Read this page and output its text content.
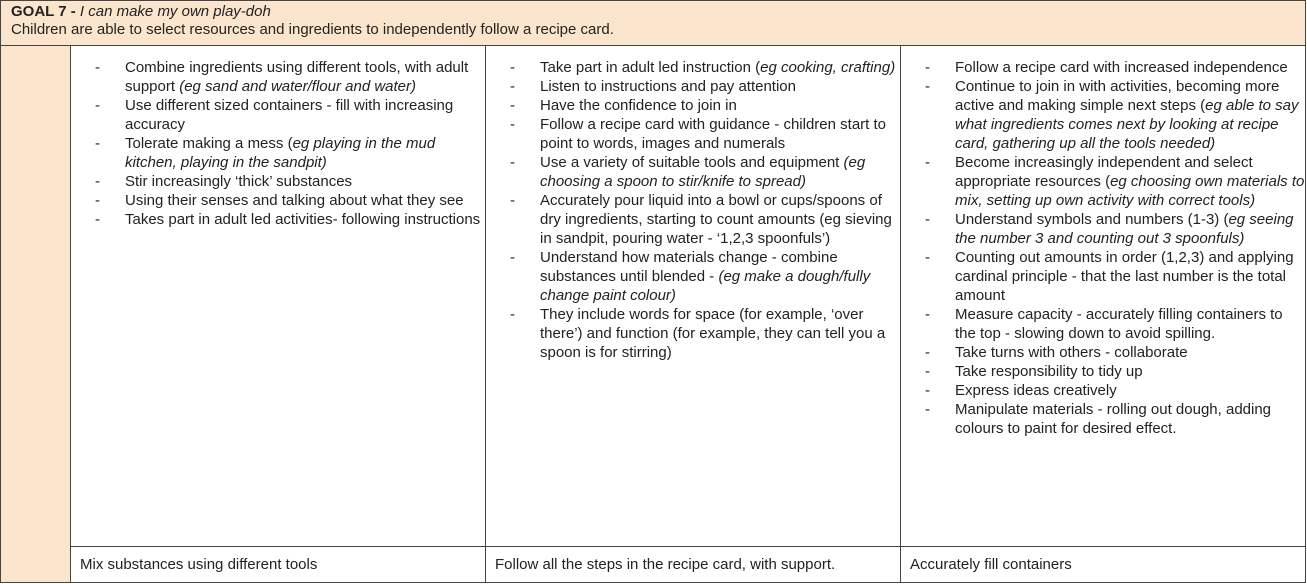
GOAL 7 - I can make my own play-doh
Children are able to select resources and ingredients to independently follow a recipe card.
- Combine ingredients using different tools, with adult support (eg sand and water/flour and water)
- Use different sized containers - fill with increasing accuracy
- Tolerate making a mess (eg playing in the mud kitchen, playing in the sandpit)
- Stir increasingly ‘thick’ substances
- Using their senses and talking about what they see
- Takes part in adult led activities- following instructions
- Take part in adult led instruction (eg cooking, crafting)
- Listen to instructions and pay attention
- Have the confidence to join in
- Follow a recipe card with guidance - children start to point to words, images and numerals
- Use a variety of suitable tools and equipment (eg choosing a spoon to stir/knife to spread)
- Accurately pour liquid into a bowl or cups/spoons of dry ingredients, starting to count amounts (eg sieving in sandpit, pouring water - ‘1,2,3 spoonfuls’)
- Understand how materials change - combine substances until blended - (eg make a dough/fully change paint colour)
- They include words for space (for example, ‘over there’) and function (for example, they can tell you a spoon is for stirring)
- Follow a recipe card with increased independence
- Continue to join in with activities, becoming more active and making simple next steps (eg able to say what ingredients comes next by looking at recipe card, gathering up all the tools needed)
- Become increasingly independent and select appropriate resources (eg choosing own materials to mix, setting up own activity with correct tools)
- Understand symbols and numbers (1-3) (eg seeing the number 3 and counting out 3 spoonfuls)
- Counting out amounts in order (1,2,3) and applying cardinal principle - that the last number is the total amount
- Measure capacity - accurately filling containers to the top - slowing down to avoid spilling.
- Take turns with others - collaborate
- Take responsibility to tidy up
- Express ideas creatively
- Manipulate materials - rolling out dough, adding colours to paint for desired effect.
Mix substances using different tools	Follow all the steps in the recipe card, with support.	Accurately fill containers
